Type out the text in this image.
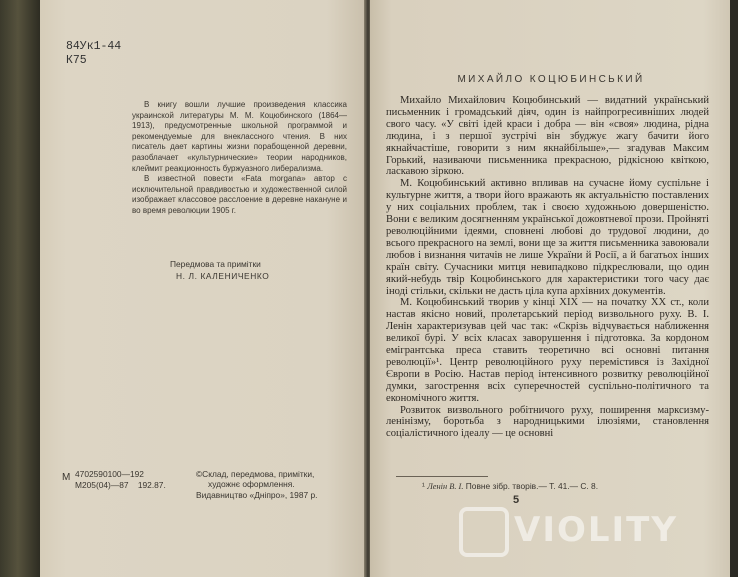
84Ук1-44
К75

В книгу вошли лучшие произведения классика украинской литературы М. М. Коцюбинского (1864—1913), предусмотренные школьной программой и рекомендуемые для внеклассного чтения. В них писатель дает картины жизни порабощенной деревни, разоблачает «культурнические» теории народников, клеймит реакционность буржуазного либерализма.

В известной повести «Fata morgana» автор с исключительной правдивостью и художественной силой изображает классовое расслоение в деревне накануне и во время революции 1905 г.

Передмова та примітки
Н. Л. КАЛЕНИЧЕНКО
М 4702590100—192
М205(04)—87    192.87.
©Склад, передмова, примітки,
художнє оформлення.
Видавництво «Дніпро», 1987 р.
МИХАЙЛО КОЦЮБИНСЬКИЙ

Михайло Михайлович Коцюбинський — видатний український письменник і громадський діяч, один із найпрогресивніших людей свого часу. «У світі ідей краси і добра — він «своя» людина, рідна людина, і з першої зустрічі він збуджує жагу бачити його якнайчастіше, говорити з ним якнайбільше»,— згадував Максим Горький, називаючи письменника прекрасною, рідкісною квіткою, ласкавою зіркою.

М. Коцюбинський активно впливав на сучасне йому суспільне і культурне життя, а твори його вражають як актуальністю поставлених у них соціальних проблем, так і своєю художньою довершеністю. Вони є великим досягненням української дожовтневої прози. Пройняті революційними ідеями, сповнені любові до трудової людини, до всього прекрасного на землі, вони ще за життя письменника завоювали любов і визнання читачів не лише України й Росії, а й багатьох інших країн світу. Сучасники митця невипадково підкреслювали, що один який-небудь твір Коцюбинського для характеристики того часу дає іноді стільки, скільки не дасть ціла купа архівних документів.

М. Коцюбинський творив у кінці XIX — на початку XX ст., коли настав якісно новий, пролетарський період визвольного руху. В. І. Ленін характеризував цей час так: «Скрізь відчувається наближення великої бурі. У всіх класах заворушення і підготовка. За кордоном емігрантська преса ставить теоретично всі основні питання революції»¹. Центр революційного руху перемістився із Західної Європи в Росію. Настав період інтенсивного розвитку революційної думки, загострення всіх суперечностей суспільно-політичного та економічного життя.

Розвиток визвольного робітничого руху, поширення марксизму-ленінізму, боротьба з народницькими ілюзіями, становлення соціалістичного ідеалу — це основні

¹ Ленін В. І. Повне зібр. творів.— Т. 41.— С. 8.
5
VIOLITY
